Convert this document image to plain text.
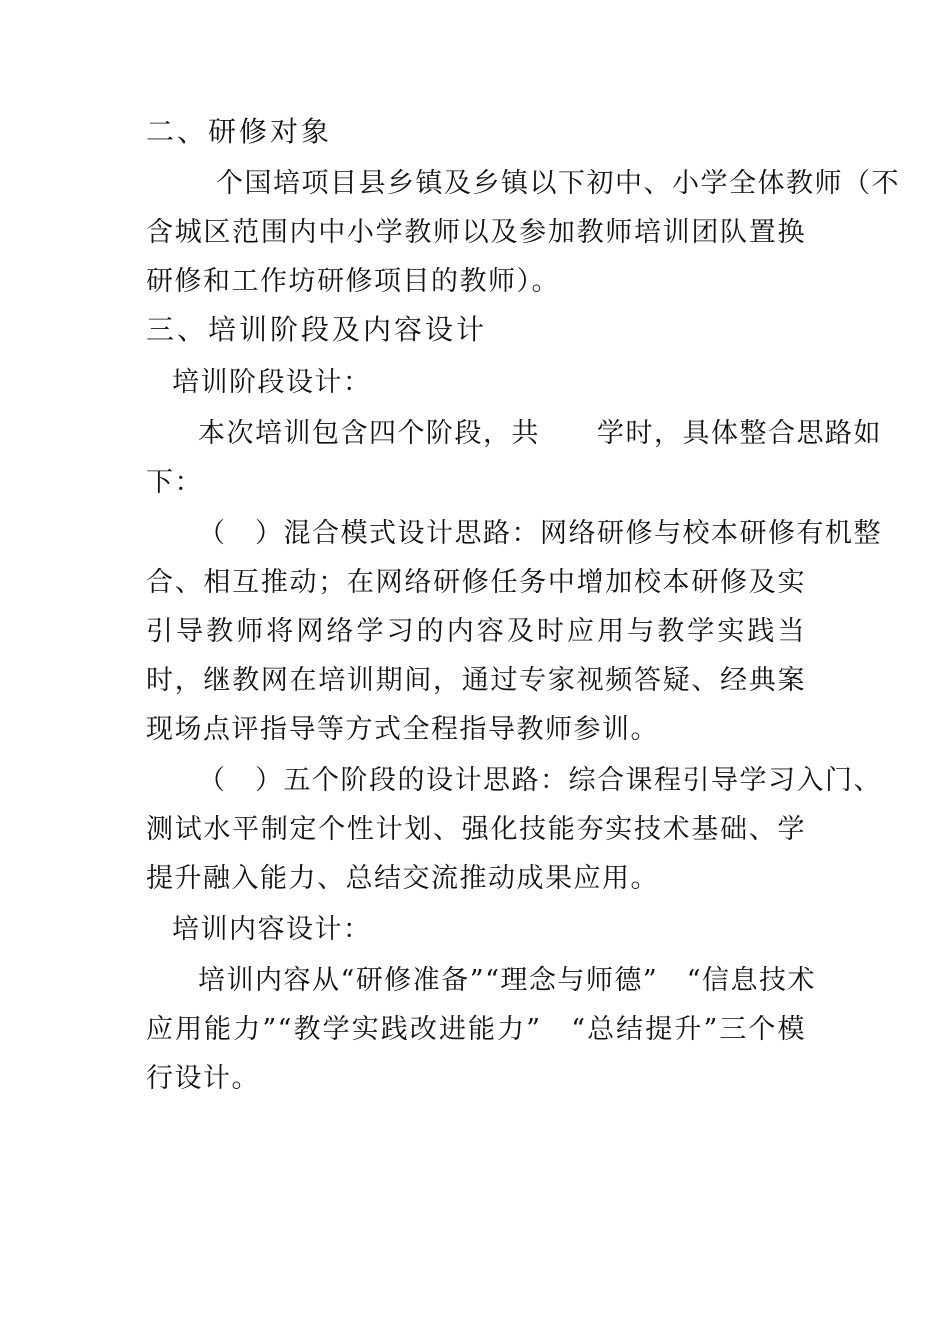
二、研修对象
个国培项目县乡镇及乡镇以下初中、小学全体教师（不
含城区范围内中小学教师以及参加教师培训团队置换
研修和工作坊研修项目的教师）。
三、培训阶段及内容设计
培训阶段设计：
本次培训包含四个阶段，共　　学时，具体整合思路如
下：
（　）混合模式设计思路：网络研修与校本研修有机整
合、相互推动；在网络研修任务中增加校本研修及实
引导教师将网络学习的内容及时应用与教学实践当
时，继教网在培训期间，通过专家视频答疑、经典案
现场点评指导等方式全程指导教师参训。
（　）五个阶段的设计思路：综合课程引导学习入门、
测试水平制定个性计划、强化技能夯实技术基础、学
提升融入能力、总结交流推动成果应用。
培训内容设计：
培训内容从“研修准备”“理念与师德”　“信息技术
应用能力”“教学实践改进能力”　“总结提升”三个模
行设计。
